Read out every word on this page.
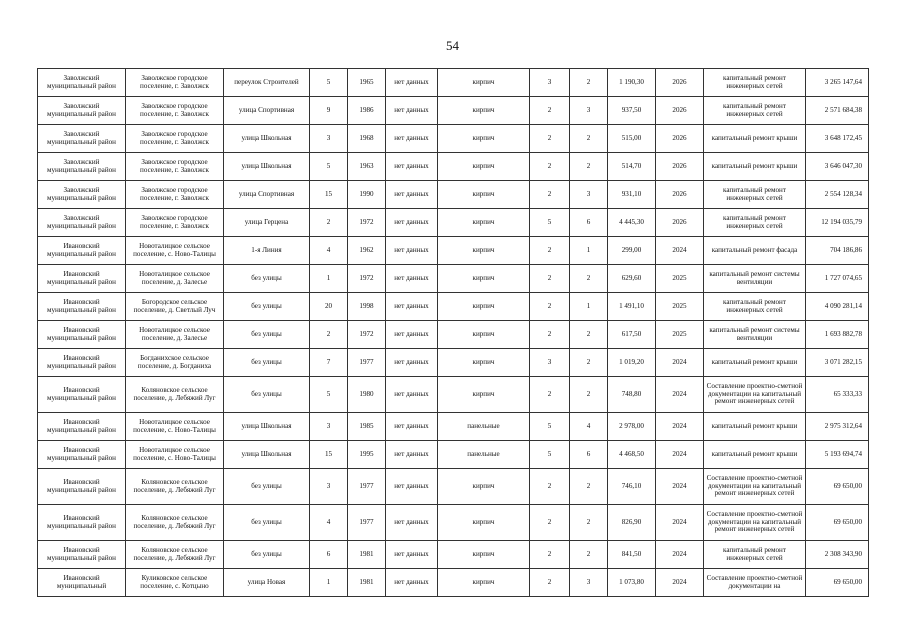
54
Заволжский муниципальный район	Заволжское городское поселение, г. Заволжск	переулок Строителей	5	1965	нет данных	кирпич	3	2	1 190,30	2026	капитальный ремонт инженерных сетей	3 265 147,64
Заволжский муниципальный район	Заволжское городское поселение, г. Заволжск	улица Спортивная	9	1986	нет данных	кирпич	2	3	937,50	2026	капитальный ремонт инженерных сетей	2 571 684,38
Заволжский муниципальный район	Заволжское городское поселение, г. Заволжск	улица Школьная	3	1968	нет данных	кирпич	2	2	515,00	2026	капитальный ремонт крыши	3 648 172,45
Заволжский муниципальный район	Заволжское городское поселение, г. Заволжск	улица Школьная	5	1963	нет данных	кирпич	2	2	514,70	2026	капитальный ремонт крыши	3 646 047,30
Заволжский муниципальный район	Заволжское городское поселение, г. Заволжск	улица Спортивная	15	1990	нет данных	кирпич	2	3	931,10	2026	капитальный ремонт инженерных сетей	2 554 128,34
Заволжский муниципальный район	Заволжское городское поселение, г. Заволжск	улица Герцена	2	1972	нет данных	кирпич	5	6	4 445,30	2026	капитальный ремонт инженерных сетей	12 194 035,79
Ивановский муниципальный район	Новоталицкое сельское поселение, с. Ново-Талицы	1-я Линия	4	1962	нет данных	кирпич	2	1	299,00	2024	капитальный ремонт фасада	704 186,86
Ивановский муниципальный район	Новоталицкое сельское поселение, д. Залесье	без улицы	1	1972	нет данных	кирпич	2	2	629,60	2025	капитальный ремонт системы вентиляции	1 727 074,65
Ивановский муниципальный район	Богородское сельское поселение, д. Светлый Луч	без улицы	20	1998	нет данных	кирпич	2	1	1 491,10	2025	капитальный ремонт инженерных сетей	4 090 281,14
Ивановский муниципальный район	Новоталицкое сельское поселение, д. Залесье	без улицы	2	1972	нет данных	кирпич	2	2	617,50	2025	капитальный ремонт системы вентиляции	1 693 882,78
Ивановский муниципальный район	Богданихское сельское поселение, д. Богданиха	без улицы	7	1977	нет данных	кирпич	3	2	1 019,20	2024	капитальный ремонт крыши	3 071 282,15
Ивановский муниципальный район	Коляновское сельское поселение, д. Лебяжий Луг	без улицы	5	1980	нет данных	кирпич	2	2	748,80	2024	Составление проектно-сметной документации на капитальный ремонт инженерных сетей	65 333,33
Ивановский муниципальный район	Новоталицкое сельское поселение, с. Ново-Талицы	улица Школьная	3	1985	нет данных	панельные	5	4	2 978,00	2024	капитальный ремонт крыши	2 975 312,64
Ивановский муниципальный район	Новоталицкое сельское поселение, с. Ново-Талицы	улица Школьная	15	1995	нет данных	панельные	5	6	4 468,50	2024	капитальный ремонт крыши	5 193 694,74
Ивановский муниципальный район	Коляновское сельское поселение, д. Лебяжий Луг	без улицы	3	1977	нет данных	кирпич	2	2	746,10	2024	Составление проектно-сметной документации на капитальный ремонт инженерных сетей	69 650,00
Ивановский муниципальный район	Коляновское сельское поселение, д. Лебяжий Луг	без улицы	4	1977	нет данных	кирпич	2	2	826,90	2024	Составление проектно-сметной документации на капитальный ремонт инженерных сетей	69 650,00
Ивановский муниципальный район	Коляновское сельское поселение, д. Лебяжий Луг	без улицы	6	1981	нет данных	кирпич	2	2	841,50	2024	капитальный ремонт инженерных сетей	2 308 343,90
Ивановский муниципальный	Куликовское сельское поселение, с. Котцыно	улица Новая	1	1981	нет данных	кирпич	2	3	1 073,80	2024	Составление проектно-сметной документации на	69 650,00
